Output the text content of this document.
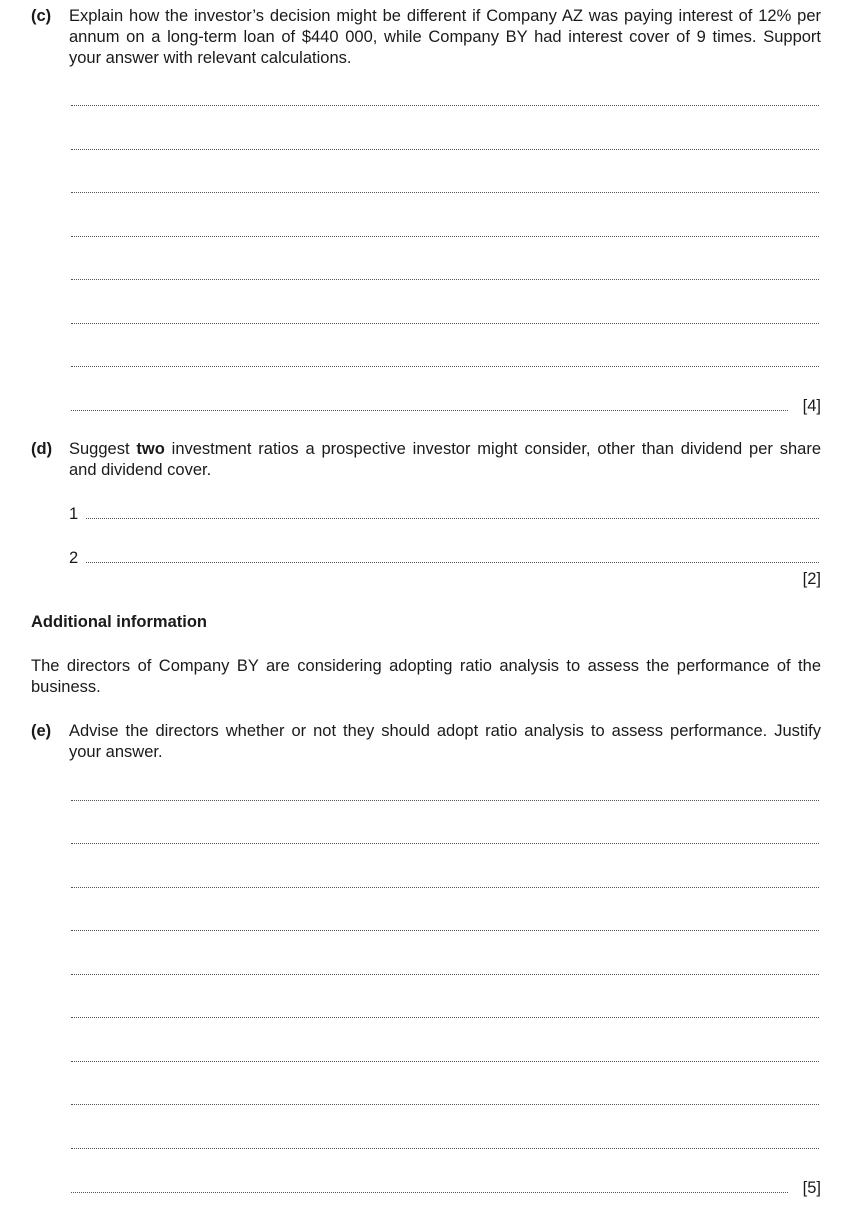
(c) Explain how the investor’s decision might be different if Company AZ was paying interest of 12% per annum on a long-term loan of $440 000, while Company BY had interest cover of 9 times. Support your answer with relevant calculations.

[4]
(d) Suggest two investment ratios a prospective investor might consider, other than dividend per share and dividend cover.

1
2
[2]
Additional information

The directors of Company BY are considering adopting ratio analysis to assess the performance of the business.

(e) Advise the directors whether or not they should adopt ratio analysis to assess performance. Justify your answer.

[5]
